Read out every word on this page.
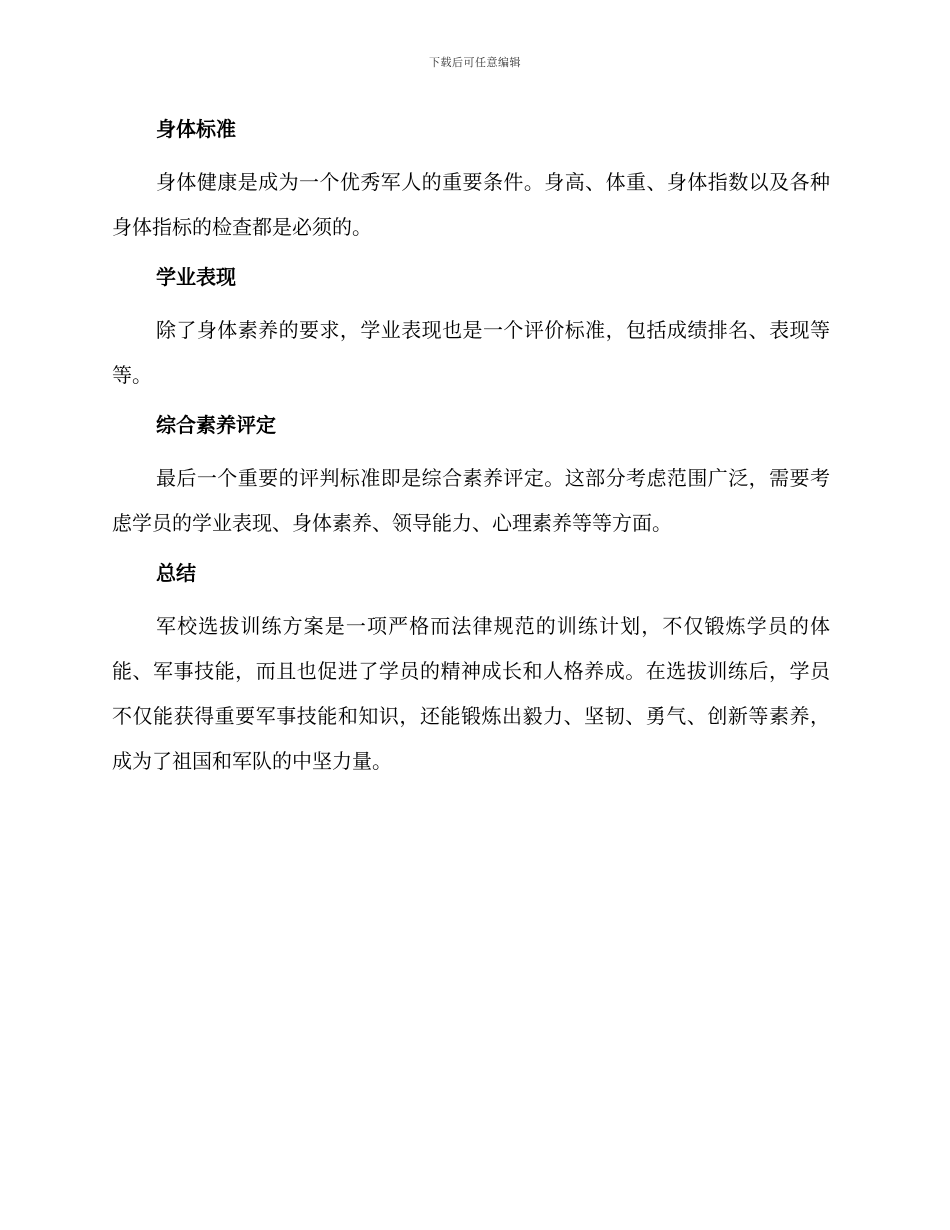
下载后可任意编辑
身体标准

身体健康是成为一个优秀军人的重要条件。身高、体重、身体指数以及各种身体指标的检查都是必须的。

学业表现

除了身体素养的要求，学业表现也是一个评价标准，包括成绩排名、表现等等。

综合素养评定

最后一个重要的评判标准即是综合素养评定。这部分考虑范围广泛，需要考虑学员的学业表现、身体素养、领导能力、心理素养等等方面。

总结

军校选拔训练方案是一项严格而法律规范的训练计划，不仅锻炼学员的体能、军事技能，而且也促进了学员的精神成长和人格养成。在选拔训练后，学员不仅能获得重要军事技能和知识，还能锻炼出毅力、坚韧、勇气、创新等素养，成为了祖国和军队的中坚力量。
